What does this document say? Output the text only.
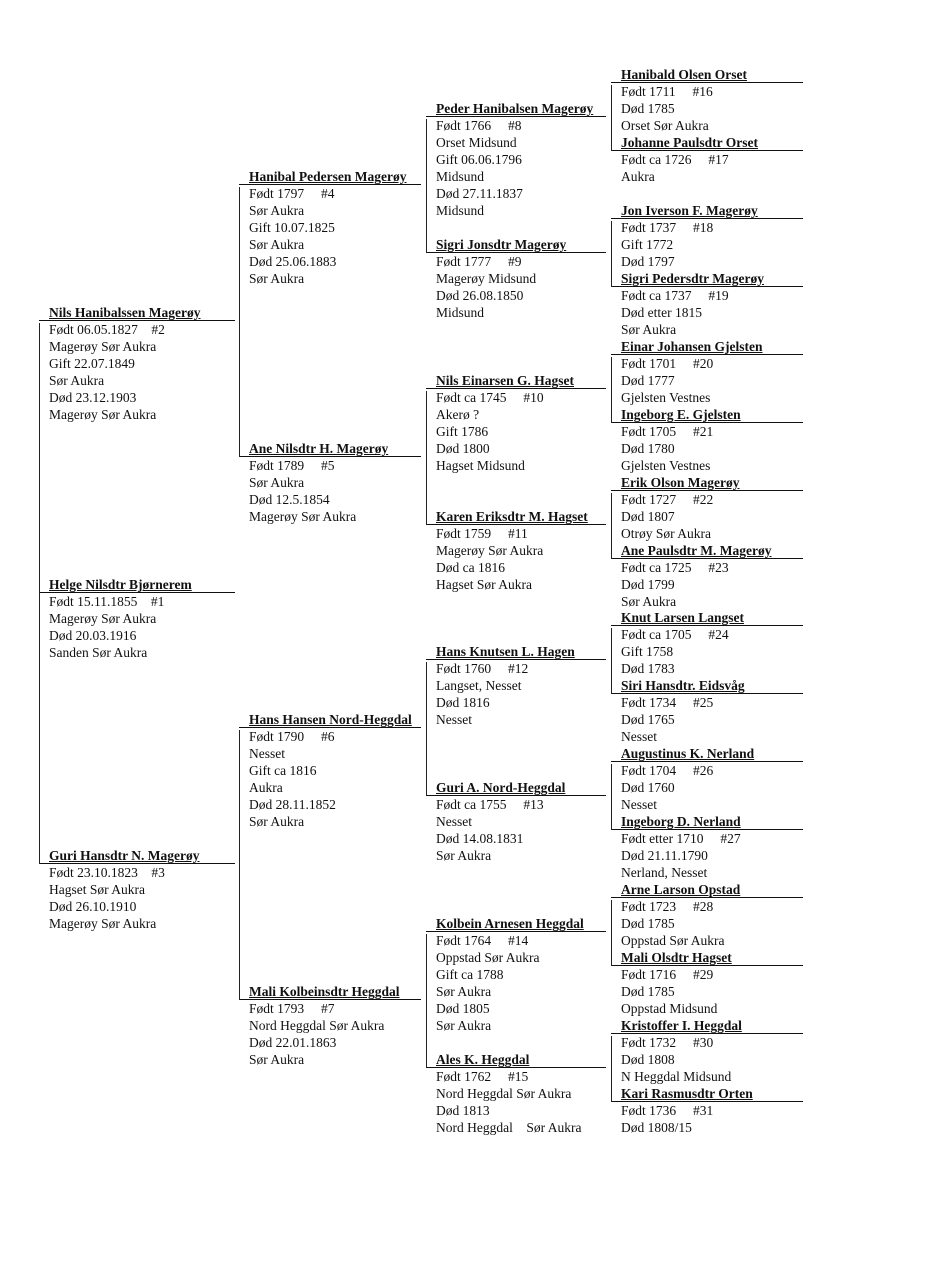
Helge Nilsdtr Bjørnerem
Født 15.11.1855    #1
Magerøy Sør Aukra
Død 20.03.1916
Sanden Sør Aukra
Nils Hanibalssen Magerøy
Født 06.05.1827    #2
Magerøy Sør Aukra
Gift 22.07.1849
Sør Aukra
Død 23.12.1903
Magerøy Sør Aukra
Guri Hansdtr N. Magerøy
Født 23.10.1823    #3
Hagset Sør Aukra
Død 26.10.1910
Magerøy Sør Aukra
Hanibal Pedersen Magerøy
Født 1797     #4
Sør Aukra
Gift 10.07.1825
Sør Aukra
Død 25.06.1883
Sør Aukra
Ane Nilsdtr H. Magerøy
Født 1789     #5
Sør Aukra
Død 12.5.1854
Magerøy Sør Aukra
Hans Hansen Nord-Heggdal
Født 1790     #6
Nesset
Gift ca 1816
Aukra
Død 28.11.1852
Sør Aukra
Mali Kolbeinsdtr Heggdal
Født 1793     #7
Nord Heggdal Sør Aukra
Død 22.01.1863
Sør Aukra
Peder Hanibalsen Magerøy
Født 1766     #8
Orset Midsund
Gift 06.06.1796
Midsund
Død 27.11.1837
Midsund
Sigri Jonsdtr Magerøy
Født 1777     #9
Magerøy Midsund
Død 26.08.1850
Midsund
Nils Einarsen G. Hagset
Født ca 1745     #10
Akerø ?
Gift 1786
Død 1800
Hagset Midsund
Karen Eriksdtr M. Hagset
Født 1759     #11
Magerøy Sør Aukra
Død ca 1816
Hagset Sør Aukra
Hans Knutsen L. Hagen
Født 1760     #12
Langset, Nesset
Død 1816
Nesset
Guri A. Nord-Heggdal
Født ca 1755     #13
Nesset
Død 14.08.1831
Sør Aukra
Kolbein Arnesen Heggdal
Født 1764     #14
Oppstad Sør Aukra
Gift ca 1788
Sør Aukra
Død 1805
Sør Aukra
Ales K. Heggdal
Født 1762     #15
Nord Heggdal Sør Aukra
Død 1813
Nord Heggdal    Sør Aukra
Hanibald Olsen Orset
Født 1711     #16
Død 1785
Orset Sør Aukra
Johanne Paulsdtr Orset
Født ca 1726     #17
Aukra
Jon Iverson F. Magerøy
Født 1737     #18
Gift 1772
Død 1797
Sigri Pedersdtr Magerøy
Født ca 1737     #19
Død etter 1815
Sør Aukra
Einar Johansen Gjelsten
Født 1701     #20
Død 1777
Gjelsten Vestnes
Ingeborg E. Gjelsten
Født 1705     #21
Død 1780
Gjelsten Vestnes
Erik Olson Magerøy
Født 1727     #22
Død 1807
Otrøy Sør Aukra
Ane Paulsdtr M. Magerøy
Født ca 1725     #23
Død 1799
Sør Aukra
Knut Larsen Langset
Født ca 1705     #24
Gift 1758
Død 1783
Siri Hansdtr. Eidsvåg
Født 1734     #25
Død 1765
Nesset
Augustinus K. Nerland
Født 1704     #26
Død 1760
Nesset
Ingeborg D. Nerland
Født etter 1710     #27
Død 21.11.1790
Nerland, Nesset
Arne Larson Opstad
Født 1723     #28
Død 1785
Oppstad Sør Aukra
Mali Olsdtr Hagset
Født 1716     #29
Død 1785
Oppstad Midsund
Kristoffer I. Heggdal
Født 1732     #30
Død 1808
N Heggdal Midsund
Kari Rasmusdtr Orten
Født 1736     #31
Død 1808/15
